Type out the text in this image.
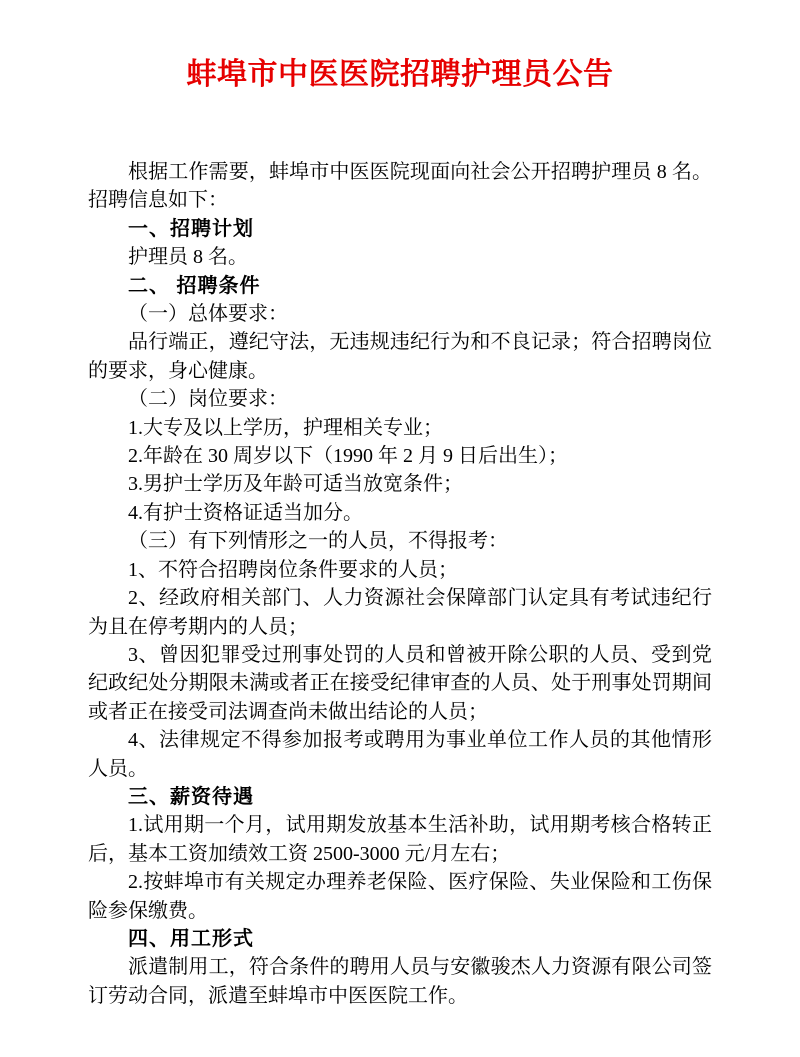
蚌埠市中医医院招聘护理员公告

根据工作需要，蚌埠市中医医院现面向社会公开招聘护理员 8 名。招聘信息如下：

一、招聘计划

护理员 8 名。

二、 招聘条件

（一）总体要求：

品行端正，遵纪守法，无违规违纪行为和不良记录；符合招聘岗位的要求，身心健康。

（二）岗位要求：

1.大专及以上学历，护理相关专业；

2.年龄在 30 周岁以下（1990 年 2 月 9 日后出生）；

3.男护士学历及年龄可适当放宽条件；

4.有护士资格证适当加分。

（三）有下列情形之一的人员，不得报考：

1、不符合招聘岗位条件要求的人员；

2、经政府相关部门、人力资源社会保障部门认定具有考试违纪行为且在停考期内的人员；

3、曾因犯罪受过刑事处罚的人员和曾被开除公职的人员、受到党纪政纪处分期限未满或者正在接受纪律审查的人员、处于刑事处罚期间或者正在接受司法调查尚未做出结论的人员；

4、法律规定不得参加报考或聘用为事业单位工作人员的其他情形人员。

三、薪资待遇

1.试用期一个月，试用期发放基本生活补助，试用期考核合格转正后，基本工资加绩效工资 2500-3000 元/月左右；

2.按蚌埠市有关规定办理养老保险、医疗保险、失业保险和工伤保险参保缴费。

四、用工形式

派遣制用工，符合条件的聘用人员与安徽骏杰人力资源有限公司签订劳动合同，派遣至蚌埠市中医医院工作。
